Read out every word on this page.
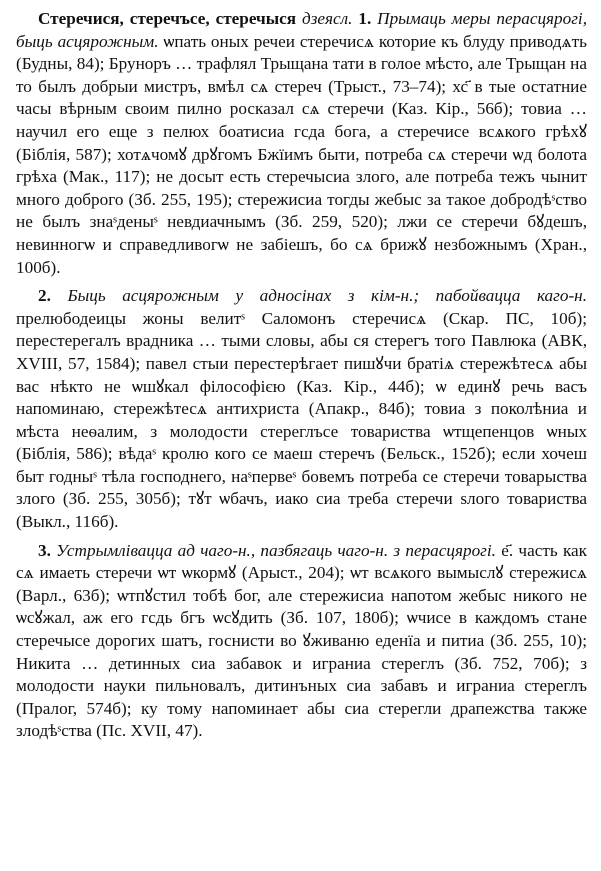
Стеречися, стеречъсе, стеречыся дзеясл. 1. Прымаць меры перасцярогі, быць асцярожным. ѡпать оных речеи стеречисѧ которие къ блуду приводѧть (Будны, 84); Бруноръ … трафлял Трыщана тати в голое мѣсто, але Трыщан на то былъ добрыи мистръ, вмѣл сѧ стереч (Трыст., 73–74); хс҃ в тые остатние часы вѣрным своим пилно росказал сѧ стеречи (Каз. Кір., 56б); товиа … научил его еще з пелюх боатисиа гсда бога, а стеречисе всѧкого грѣхꙋ (Біблія, 587); хотѧчомꙋ дрꙋгомъ Бжїимъ быти, потреба сѧ стеречи ѡд болота грѣха (Мак., 117); не досыт есть стеречысиа злого, але потреба тежъ чынит много доброго (Зб. 255, 195); стережисиа тогды жебыс за такое добродѣˢство не былъ знаˢденыˢ невдиачнымъ (Зб. 259, 520); лжи се стеречи бꙋдешъ, невинногѡ и справедливогѡ не забіешъ, бо сѧ брижꙋ незбожнымъ (Хран., 100б).

2. Быць асцярожным у адносінах з кім-н.; пабойвацца каго-н. прелюбодеицы жоны велитˢ Саломонъ стеречисѧ (Скар. ПС, 10б); перестерегалъ врадника … тыми словы, абы ся стерегъ того Павлюка (АВК, XVIII, 57, 1584); павел стыи перестерѣгает пишꙋчи братіѧ стережѣтесѧ абы вас нѣкто не ѡшꙋкал філософією (Каз. Кір., 44б); ѡ единꙋ речь васъ напоминаю, стережѣтесѧ антихриста (Апакр., 84б); товиа з поколѣниа и мѣста неѳалим, з молодости стереглъсе товариства ѡтщепенцов ѡных (Біблія, 586); вѣдаˢ кролю кого се маеш стеречъ (Бельск., 152б); если хочеш быт годныˢ тѣла господнего, наˢпервеˢ бовемъ потреба се стеречи товарыства злого (Зб. 255, 305б); тꙋт ѡбачъ, иако сиа треба стеречи ѕлого товариства (Выкл., 116б).

3. Устрымлівацца ад чаго-н., пазбягаць чаго-н. з перасцярогі. е҃. часть как сѧ имаеть стеречи ѡт ѡкормꙋ (Арыст., 204); ѡт всѧкого вымыслꙋ стережисѧ (Варл., 63б); ѡтпꙋстил тобѣ бог, але стережисиа напотом жебыс никого не ѡсꙋжал, аж его гсдь бгъ ѡсꙋдить (Зб. 107, 180б); ѡчисе в каждомъ стане стеречысе дорогих шатъ, госнисти во ꙋживаню еденїа и питиа (Зб. 255, 10); Никита … детинных сиа забавок и играниа стереглъ (Зб. 752, 70б); з молодости науки пильновалъ, дитинъных сиа забавъ и играниа стереглъ (Пралог, 574б); ку тому напоминает абы сиа стерегли драпежства также злодѣˢства (Пс. XVII, 47).
